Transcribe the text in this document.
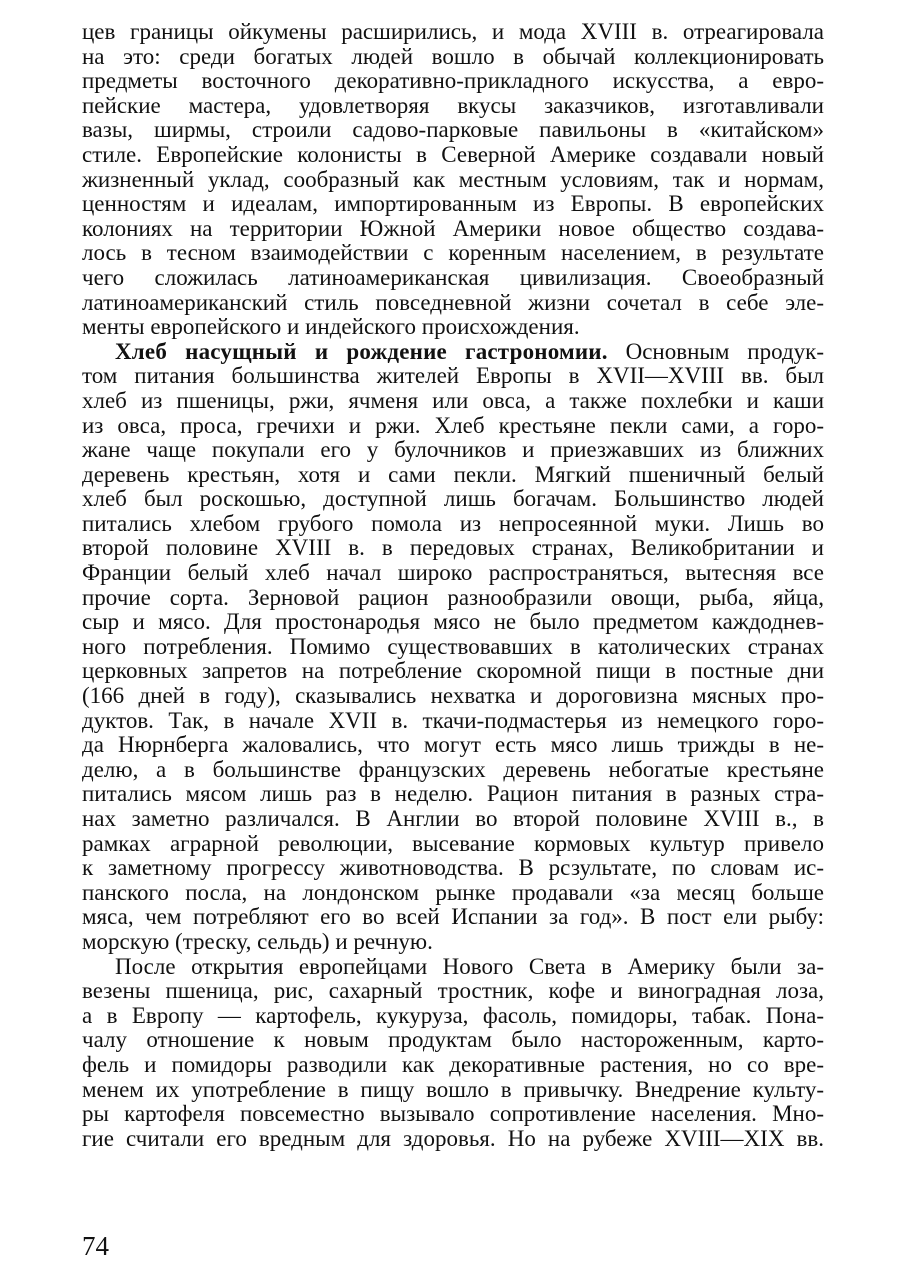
цев границы ойкумены расширились, и мода XVIII в. отреагировала
на это: среди богатых людей вошло в обычай коллекционировать
предметы восточного декоративно-прикладного искусства, а евро-
пейские мастера, удовлетворяя вкусы заказчиков, изготавливали
вазы, ширмы, строили садово-парковые павильоны в «китайском»
стиле. Европейские колонисты в Северной Америке создавали новый
жизненный уклад, сообразный как местным условиям, так и нормам,
ценностям и идеалам, импортированным из Европы. В европейских
колониях на территории Южной Америки новое общество создава-
лось в тесном взаимодействии с коренным населением, в результате
чего сложилась латиноамериканская цивилизация. Своеобразный
латиноамериканский стиль повседневной жизни сочетал в себе эле-
менты европейского и индейского происхождения.
Хлеб насущный и рождение гастрономии. Основным продук-
том питания большинства жителей Европы в XVII—XVIII вв. был
хлеб из пшеницы, ржи, ячменя или овса, а также похлебки и каши
из овса, проса, гречихи и ржи. Хлеб крестьяне пекли сами, а горо-
жане чаще покупали его у булочников и приезжавших из ближних
деревень крестьян, хотя и сами пекли. Мягкий пшеничный белый
хлеб был роскошью, доступной лишь богачам. Большинство людей
питались хлебом грубого помола из непросеянной муки. Лишь во
второй половине XVIII в. в передовых странах, Великобритании и
Франции белый хлеб начал широко распространяться, вытесняя все
прочие сорта. Зерновой рацион разнообразили овощи, рыба, яйца,
сыр и мясо. Для простонародья мясо не было предметом каждоднев-
ного потребления. Помимо существовавших в католических странах
церковных запретов на потребление скоромной пищи в постные дни
(166 дней в году), сказывались нехватка и дороговизна мясных про-
дуктов. Так, в начале XVII в. ткачи-подмастерья из немецкого горо-
да Нюрнберга жаловались, что могут есть мясо лишь трижды в не-
делю, а в большинстве французских деревень небогатые крестьяне
питались мясом лишь раз в неделю. Рацион питания в разных стра-
нах заметно различался. В Англии во второй половине XVIII в., в
рамках аграрной революции, высевание кормовых культур привело
к заметному прогрессу животноводства. В рсзультате, по словам ис-
панского посла, на лондонском рынке продавали «за месяц больше
мяса, чем потребляют его во всей Испании за год». В пост ели рыбу:
морскую (треску, сельдь) и речную.
После открытия европейцами Нового Света в Америку были за-
везены пшеница, рис, сахарный тростник, кофе и виноградная лоза,
а в Европу — картофель, кукуруза, фасоль, помидоры, табак. Пона-
чалу отношение к новым продуктам было настороженным, карто-
фель и помидоры разводили как декоративные растения, но со вре-
менем их употребление в пищу вошло в привычку. Внедрение культу-
ры картофеля повсеместно вызывало сопротивление населения. Мно-
гие считали его вредным для здоровья. Но на рубеже XVIII—XIX вв.
74
